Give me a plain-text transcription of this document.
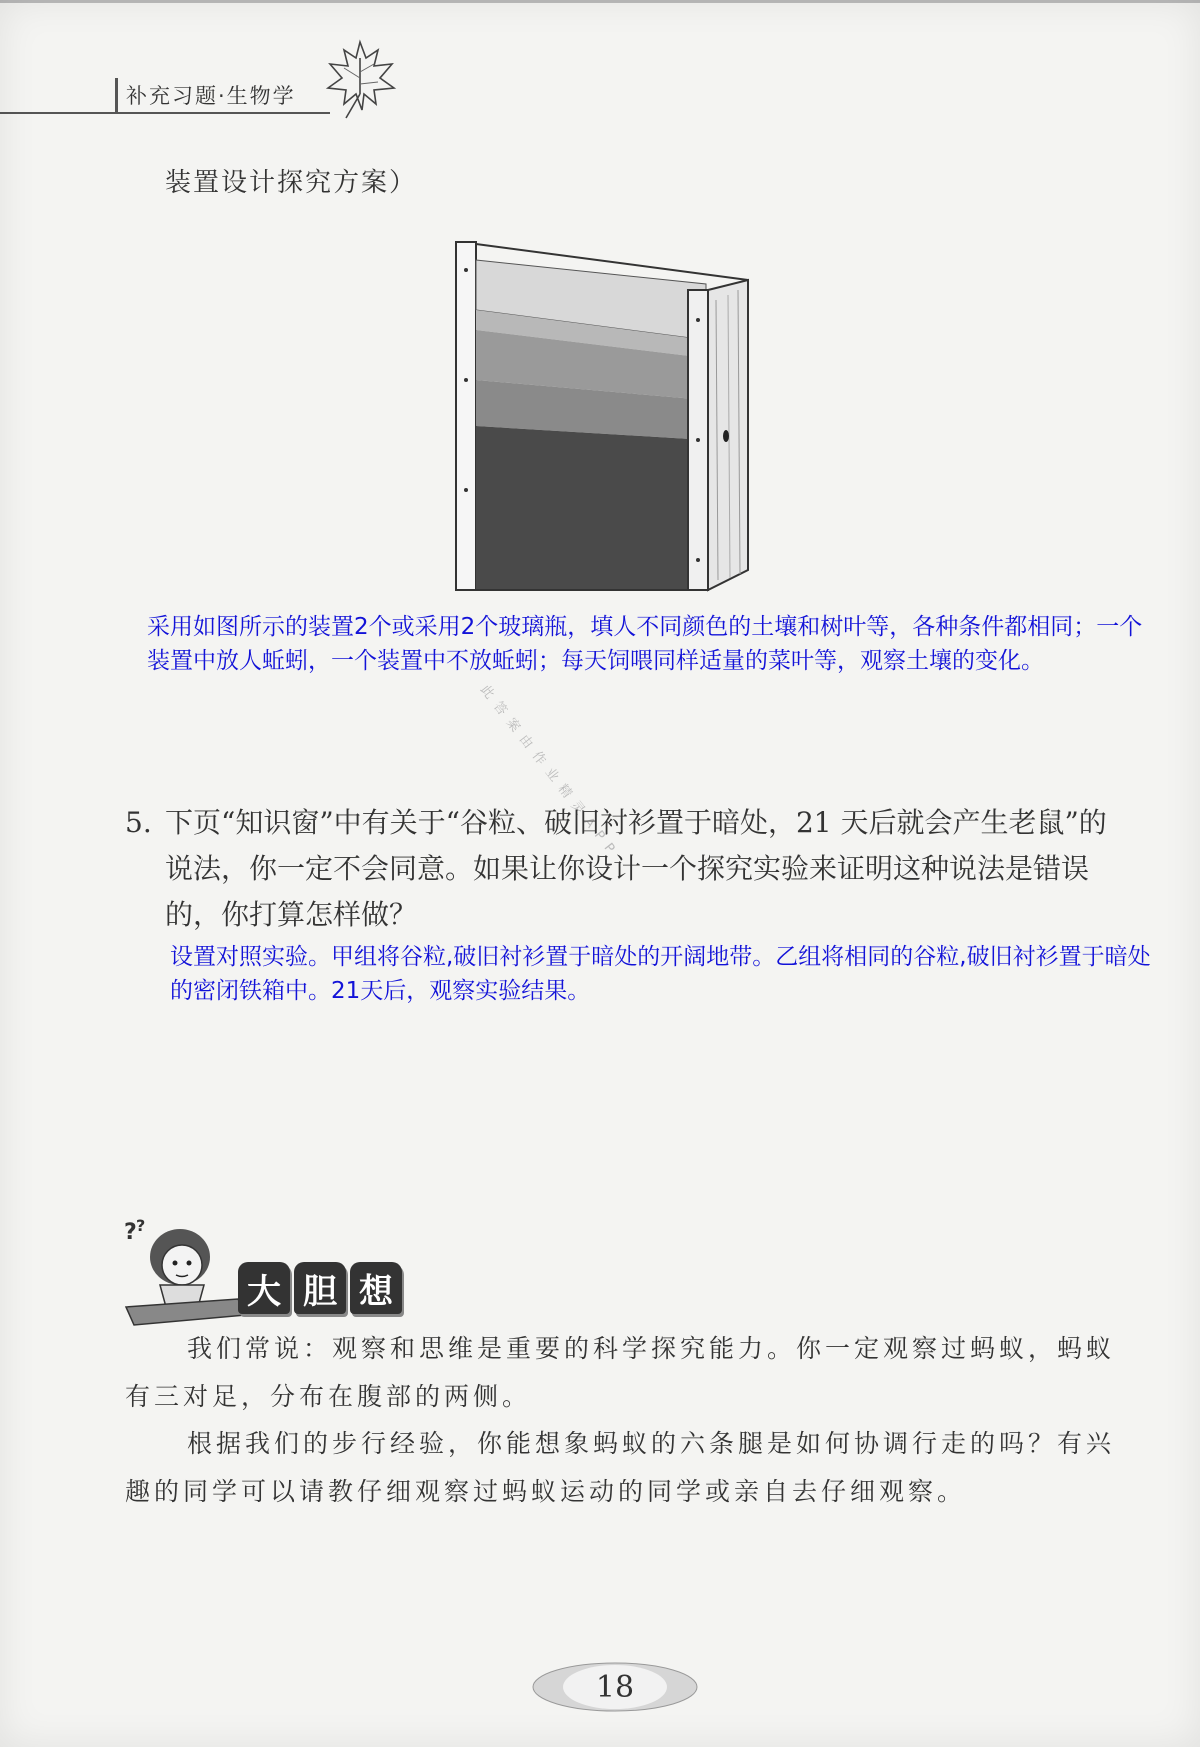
补充习题·生物学
装置设计探究方案）
采用如图所示的装置2个或采用2个玻璃瓶，填人不同颜色的土壤和树叶等，各种条件都相同；一个装置中放人蚯蚓，一个装置中不放蚯蚓；每天饲喂同样适量的菜叶等，观察土壤的变化。
此答案由作业精灵APP
5. 下页“知识窗”中有关于“谷粒、破旧衬衫置于暗处，21 天后就会产生老鼠”的说法，你一定不会同意。如果让你设计一个探究实验来证明这种说法是错误的，你打算怎样做？
设置对照实验。甲组将谷粒,破旧衬衫置于暗处的开阔地带。乙组将相同的谷粒,破旧衬衫置于暗处的密闭铁箱中。21天后，观察实验结果。
? ?
大 胆 想
我们常说：观察和思维是重要的科学探究能力。你一定观察过蚂蚁，蚂蚁有三对足，分布在腹部的两侧。
根据我们的步行经验，你能想象蚂蚁的六条腿是如何协调行走的吗？有兴趣的同学可以请教仔细观察过蚂蚁运动的同学或亲自去仔细观察。
18
